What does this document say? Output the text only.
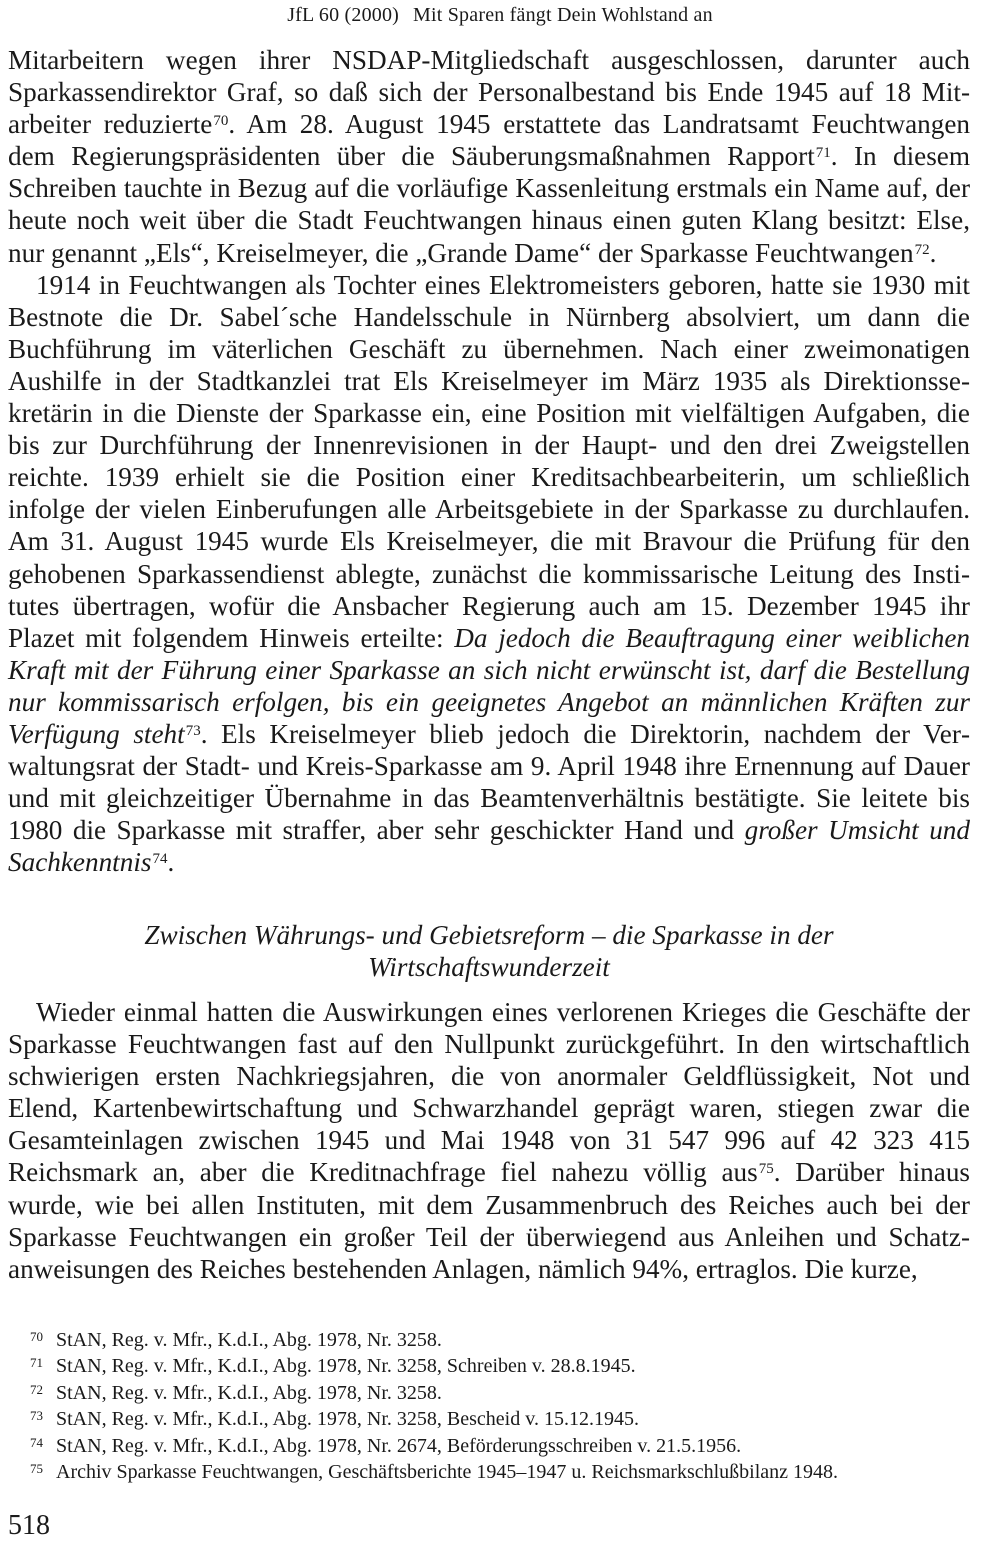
JfL 60 (2000) Mit Sparen fängt Dein Wohlstand an

Mitarbeitern wegen ihrer NSDAP-Mitgliedschaft ausgeschlossen, darunter auch Sparkassendirektor Graf, so daß sich der Personalbestand bis Ende 1945 auf 18 Mitarbeiter reduzierte$^{70}$. Am 28. August 1945 erstattete das Landratsamt Feuchtwangen dem Regierungspräsidenten über die Säuberungsmaßnahmen Rapport$^{71}$. In diesem Schreiben tauchte in Bezug auf die vorläufige Kassenleitung erstmals ein Name auf, der heute noch weit über die Stadt Feuchtwangen hinaus einen guten Klang besitzt: Else, nur genannt „Els“, Kreiselmeyer, die „Grande Dame“ der Sparkasse Feuchtwangen$^{72}$.

1914 in Feuchtwangen als Tochter eines Elektromeisters geboren, hatte sie 1930 mit Bestnote die Dr. Sabel´sche Handelsschule in Nürnberg absolviert, um dann die Buchführung im väterlichen Geschäft zu übernehmen. Nach einer zweimonatigen Aushilfe in der Stadtkanzlei trat Els Kreiselmeyer im März 1935 als Direktionssekretärin in die Dienste der Sparkasse ein, eine Position mit vielfältigen Aufgaben, die bis zur Durchführung der Innenrevisionen in der Haupt- und den drei Zweigstellen reichte. 1939 erhielt sie die Position einer Kreditsachbearbeiterin, um schließlich infolge der vielen Einberufungen alle Arbeitsgebiete in der Sparkasse zu durchlaufen. Am 31. August 1945 wurde Els Kreiselmeyer, die mit Bravour die Prüfung für den gehobenen Sparkassendienst ablegte, zunächst die kommissarische Leitung des Institutes übertragen, wofür die Ansbacher Regierung auch am 15. Dezember 1945 ihr Plazet mit folgendem Hinweis erteilte: Da jedoch die Beauftragung einer weiblichen Kraft mit der Führung einer Sparkasse an sich nicht erwünscht ist, darf die Bestellung nur kommissarisch erfolgen, bis ein geeignetes Angebot an männlichen Kräften zur Verfügung steht$^{73}$. Els Kreiselmeyer blieb jedoch die Direktorin, nachdem der Verwaltungsrat der Stadt- und Kreis-Sparkasse am 9. April 1948 ihre Ernennung auf Dauer und mit gleichzeitiger Übernahme in das Beamtenverhältnis bestätigte. Sie leitete bis 1980 die Sparkasse mit straffer, aber sehr geschickter Hand und großer Umsicht und Sachkenntnis$^{74}$.

Zwischen Währungs- und Gebietsreform – die Sparkasse in der
Wirtschaftswunderzeit

Wieder einmal hatten die Auswirkungen eines verlorenen Krieges die Geschäfte der Sparkasse Feuchtwangen fast auf den Nullpunkt zurückgeführt. In den wirtschaftlich schwierigen ersten Nachkriegsjahren, die von anormaler Geldflüssigkeit, Not und Elend, Kartenbewirtschaftung und Schwarzhandel geprägt waren, stiegen zwar die Gesamteinlagen zwischen 1945 und Mai 1948 von 31 547 996 auf 42 323 415 Reichsmark an, aber die Kreditnachfrage fiel nahezu völlig aus$^{75}$. Darüber hinaus wurde, wie bei allen Instituten, mit dem Zusammenbruch des Reiches auch bei der Sparkasse Feuchtwangen ein großer Teil der überwiegend aus Anleihen und Schatzanweisungen des Reiches bestehenden Anlagen, nämlich 94%, ertraglos. Die kurze,

70 StAN, Reg. v. Mfr., K.d.I., Abg. 1978, Nr. 3258.
71 StAN, Reg. v. Mfr., K.d.I., Abg. 1978, Nr. 3258, Schreiben v. 28.8.1945.
72 StAN, Reg. v. Mfr., K.d.I., Abg. 1978, Nr. 3258.
73 StAN, Reg. v. Mfr., K.d.I., Abg. 1978, Nr. 3258, Bescheid v. 15.12.1945.
74 StAN, Reg. v. Mfr., K.d.I., Abg. 1978, Nr. 2674, Beförderungsschreiben v. 21.5.1956.
75 Archiv Sparkasse Feuchtwangen, Geschäftsberichte 1945–1947 u. Reichsmarkschlußbilanz 1948.
518
